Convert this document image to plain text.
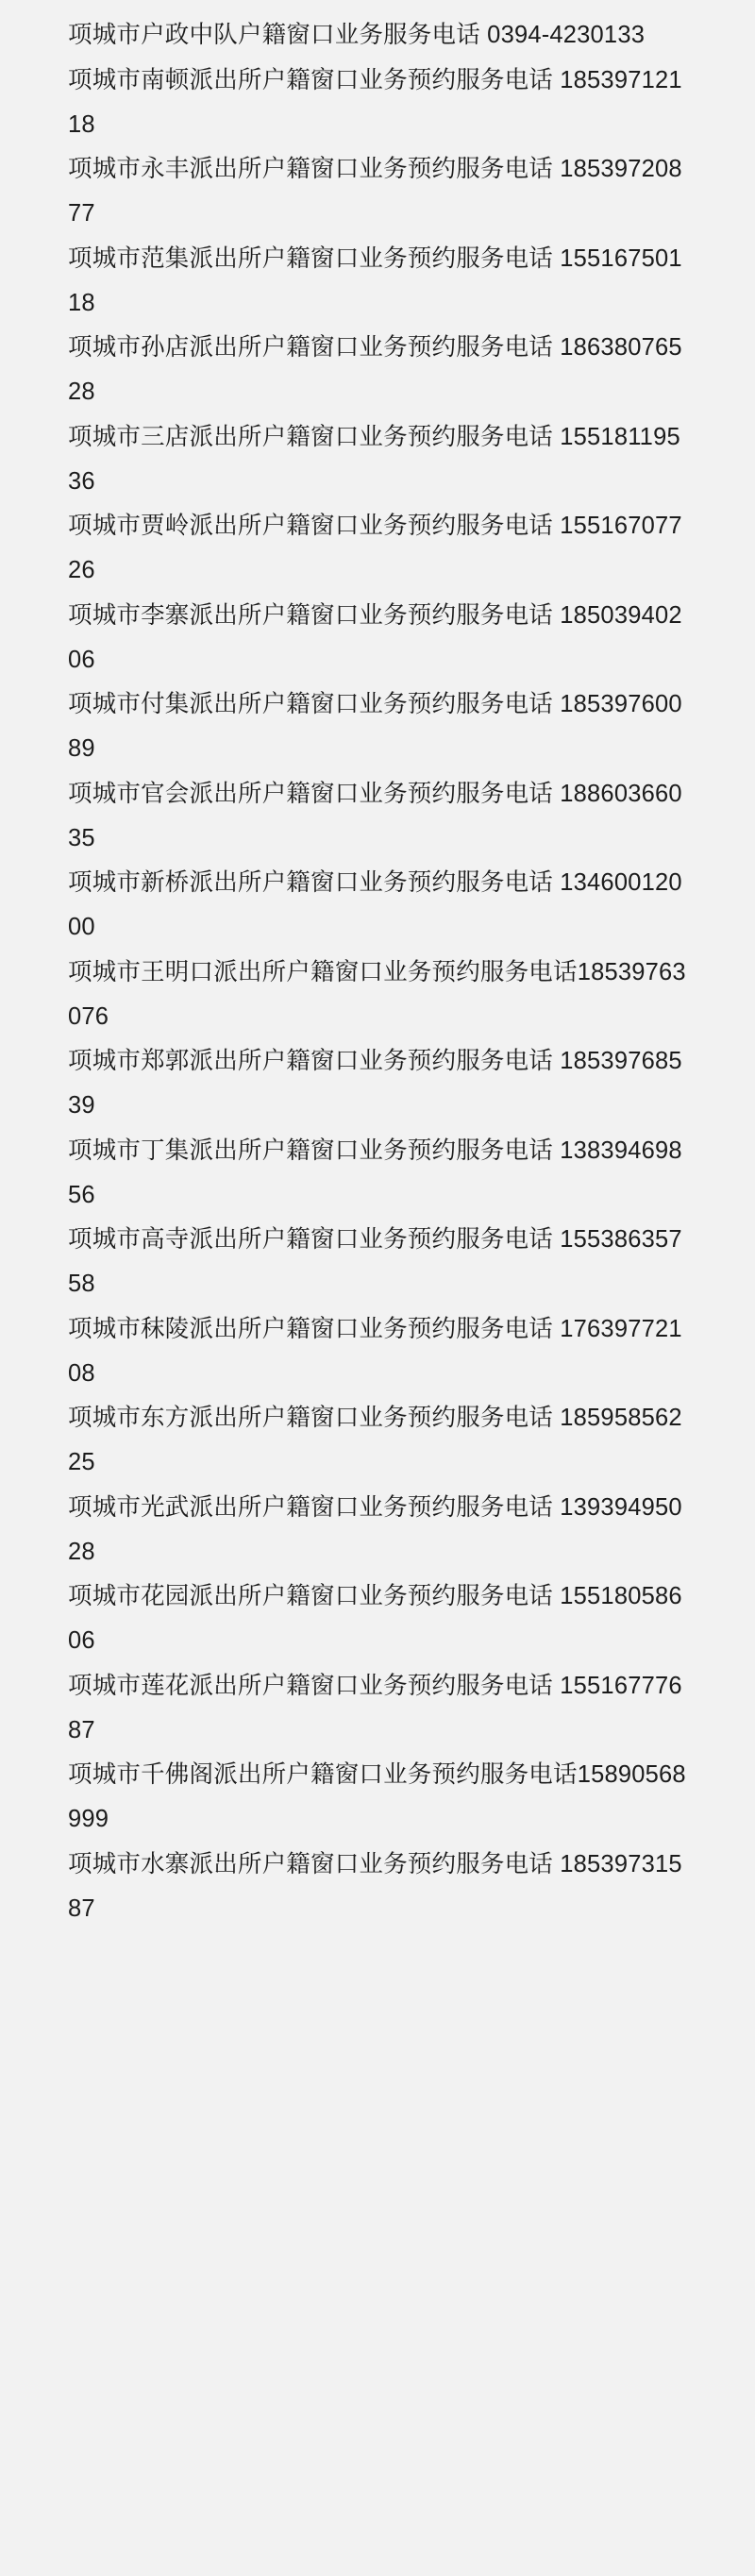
项城市户政中队户籍窗口业务服务电话 0394-4230133

项城市南顿派出所户籍窗口业务预约服务电话 18539712118

项城市永丰派出所户籍窗口业务预约服务电话 18539720877

项城市范集派出所户籍窗口业务预约服务电话 15516750118

项城市孙店派出所户籍窗口业务预约服务电话 18638076528

项城市三店派出所户籍窗口业务预约服务电话 15518119536

项城市贾岭派出所户籍窗口业务预约服务电话 15516707726

项城市李寨派出所户籍窗口业务预约服务电话 18503940206

项城市付集派出所户籍窗口业务预约服务电话 18539760089

项城市官会派出所户籍窗口业务预约服务电话 18860366035

项城市新桥派出所户籍窗口业务预约服务电话 13460012000

项城市王明口派出所户籍窗口业务预约服务电话18539763076

项城市郑郭派出所户籍窗口业务预约服务电话 18539768539

项城市丁集派出所户籍窗口业务预约服务电话 13839469856

项城市高寺派出所户籍窗口业务预约服务电话 15538635758

项城市秣陵派出所户籍窗口业务预约服务电话 17639772108

项城市东方派出所户籍窗口业务预约服务电话 18595856225

项城市光武派出所户籍窗口业务预约服务电话 13939495028

项城市花园派出所户籍窗口业务预约服务电话 15518058606

项城市莲花派出所户籍窗口业务预约服务电话 15516777687

项城市千佛阁派出所户籍窗口业务预约服务电话15890568999

项城市水寨派出所户籍窗口业务预约服务电话 18539731587
